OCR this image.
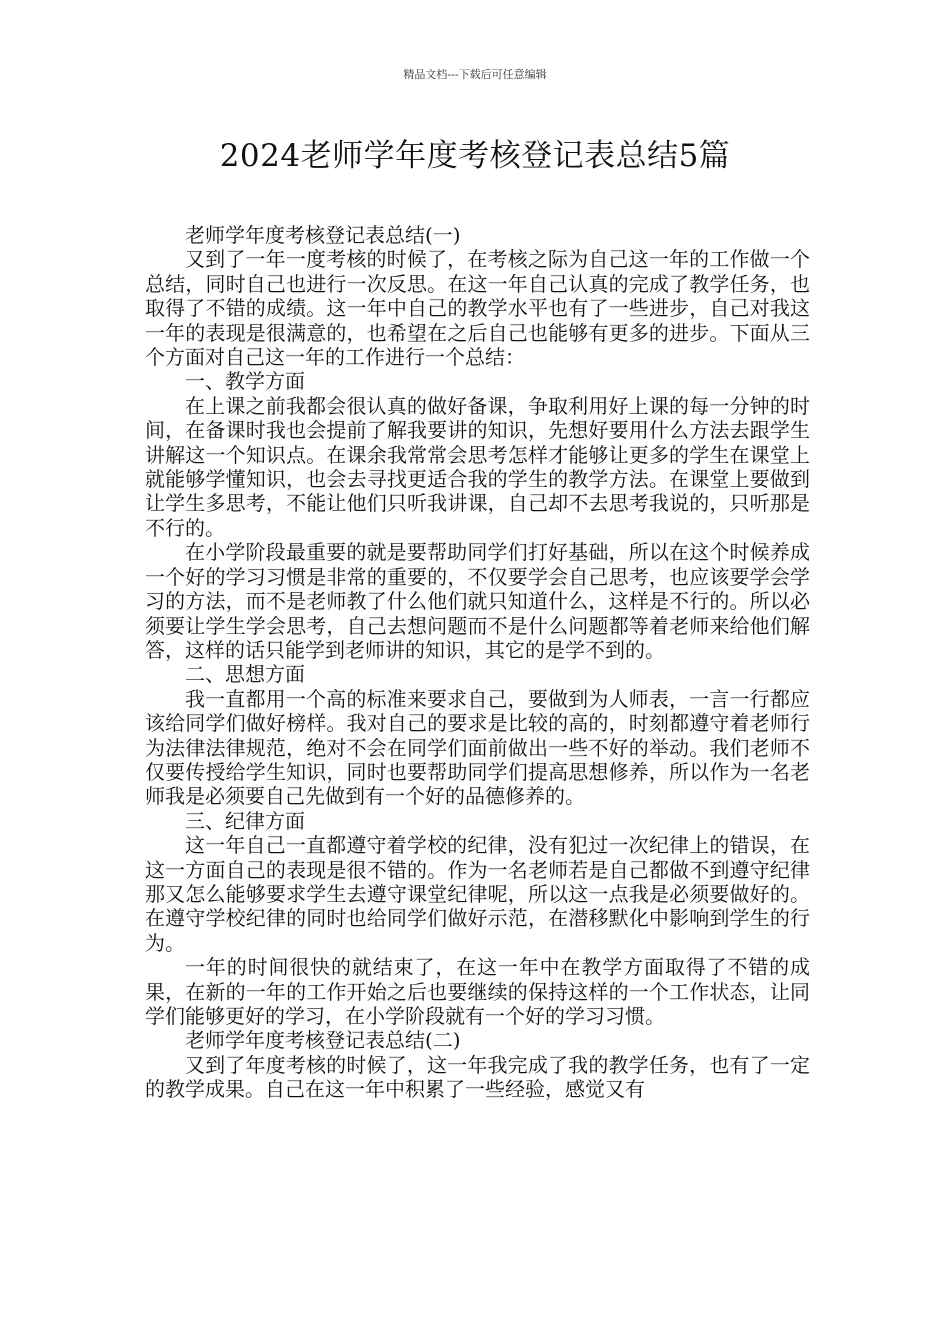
精品文档---下载后可任意编辑
2024老师学年度考核登记表总结5篇

老师学年度考核登记表总结(一)

又到了一年一度考核的时候了，在考核之际为自己这一年的工作做一个总结，同时自己也进行一次反思。在这一年自己认真的完成了教学任务，也取得了不错的成绩。这一年中自己的教学水平也有了一些进步，自己对我这一年的表现是很满意的，也希望在之后自己也能够有更多的进步。下面从三个方面对自己这一年的工作进行一个总结：

一、教学方面

在上课之前我都会很认真的做好备课，争取利用好上课的每一分钟的时间，在备课时我也会提前了解我要讲的知识，先想好要用什么方法去跟学生讲解这一个知识点。在课余我常常会思考怎样才能够让更多的学生在课堂上就能够学懂知识，也会去寻找更适合我的学生的教学方法。在课堂上要做到让学生多思考，不能让他们只听我讲课，自己却不去思考我说的，只听那是不行的。

在小学阶段最重要的就是要帮助同学们打好基础，所以在这个时候养成一个好的学习习惯是非常的重要的，不仅要学会自己思考，也应该要学会学习的方法，而不是老师教了什么他们就只知道什么，这样是不行的。所以必须要让学生学会思考，自己去想问题而不是什么问题都等着老师来给他们解答，这样的话只能学到老师讲的知识，其它的是学不到的。

二、思想方面

我一直都用一个高的标准来要求自己，要做到为人师表，一言一行都应该给同学们做好榜样。我对自己的要求是比较的高的，时刻都遵守着老师行为法律法律规范，绝对不会在同学们面前做出一些不好的举动。我们老师不仅要传授给学生知识，同时也要帮助同学们提高思想修养，所以作为一名老师我是必须要自己先做到有一个好的品德修养的。

三、纪律方面

这一年自己一直都遵守着学校的纪律，没有犯过一次纪律上的错误，在这一方面自己的表现是很不错的。作为一名老师若是自己都做不到遵守纪律那又怎么能够要求学生去遵守课堂纪律呢，所以这一点我是必须要做好的。在遵守学校纪律的同时也给同学们做好示范，在潜移默化中影响到学生的行为。

一年的时间很快的就结束了，在这一年中在教学方面取得了不错的成果，在新的一年的工作开始之后也要继续的保持这样的一个工作状态，让同学们能够更好的学习，在小学阶段就有一个好的学习习惯。

老师学年度考核登记表总结(二)

又到了年度考核的时候了，这一年我完成了我的教学任务，也有了一定的教学成果。自己在这一年中积累了一些经验，感觉又有
